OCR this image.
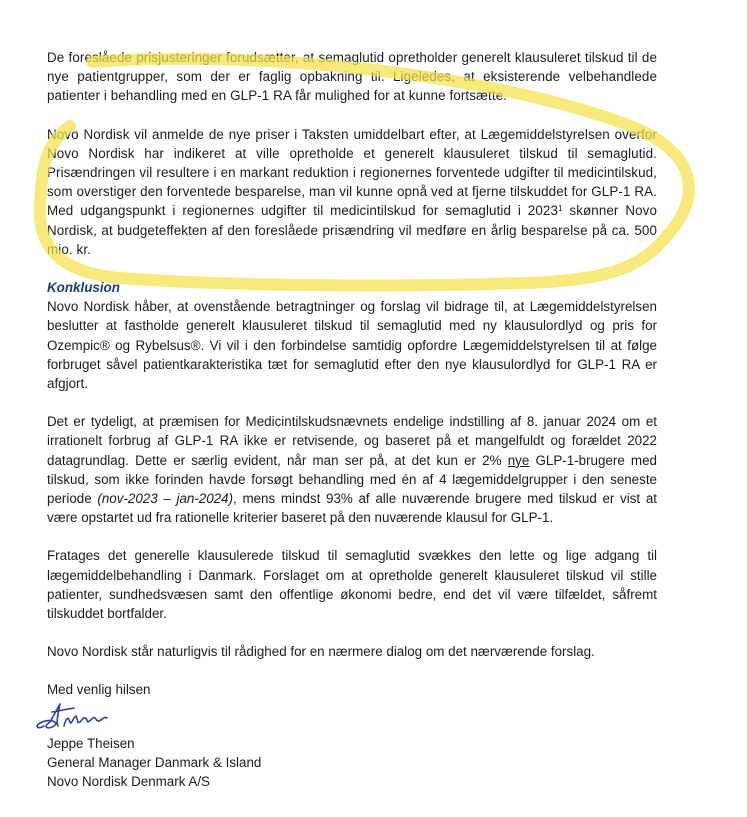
De foreslåede prisjusteringer forudsætter, at semaglutid opretholder generelt klausuleret tilskud til de nye patientgrupper, som der er faglig opbakning til. Ligeledes, at eksisterende velbehandlede patienter i behandling med en GLP-1 RA får mulighed for at kunne fortsætte.

Novo Nordisk vil anmelde de nye priser i Taksten umiddelbart efter, at Lægemiddelstyrelsen overfor Novo Nordisk har indikeret at ville opretholde et generelt klausuleret tilskud til semaglutid. Prisændringen vil resultere i en markant reduktion i regionernes forventede udgifter til medicintilskud, som overstiger den forventede besparelse, man vil kunne opnå ved at fjerne tilskuddet for GLP-1 RA. Med udgangspunkt i regionernes udgifter til medicintilskud for semaglutid i 2023$^1$ skønner Novo Nordisk, at budgeteffekten af den foreslåede prisændring vil medføre en årlig besparelse på ca. 500 mio. kr.

Konklusion

Novo Nordisk håber, at ovenstående betragtninger og forslag vil bidrage til, at Lægemiddelstyrelsen beslutter at fastholde generelt klausuleret tilskud til semaglutid med ny klausulordlyd og pris for Ozempic® og Rybelsus®. Vi vil i den forbindelse samtidig opfordre Lægemiddelstyrelsen til at følge forbruget såvel patientkarakteristika tæt for semaglutid efter den nye klausulordlyd for GLP-1 RA er afgjort.

Det er tydeligt, at præmisen for Medicintilskudsnævnets endelige indstilling af 8. januar 2024 om et irrationelt forbrug af GLP-1 RA ikke er retvisende, og baseret på et mangelfuldt og forældet 2022 datagrundlag. Dette er særlig evident, når man ser på, at det kun er 2% nye GLP-1-brugere med tilskud, som ikke forinden havde forsøgt behandling med én af 4 lægemiddelgrupper i den seneste periode (nov-2023 – jan-2024), mens mindst 93% af alle nuværende brugere med tilskud er vist at være opstartet ud fra rationelle kriterier baseret på den nuværende klausul for GLP-1.

Fratages det generelle klausulerede tilskud til semaglutid svækkes den lette og lige adgang til lægemiddelbehandling i Danmark. Forslaget om at opretholde generelt klausuleret tilskud vil stille patienter, sundhedsvæsen samt den offentlige økonomi bedre, end det vil være tilfældet, såfremt tilskuddet bortfalder.

Novo Nordisk står naturligvis til rådighed for en nærmere dialog om det nærværende forslag.

Med venlig hilsen
Jeppe Theisen
General Manager Danmark & Island
Novo Nordisk Denmark A/S
